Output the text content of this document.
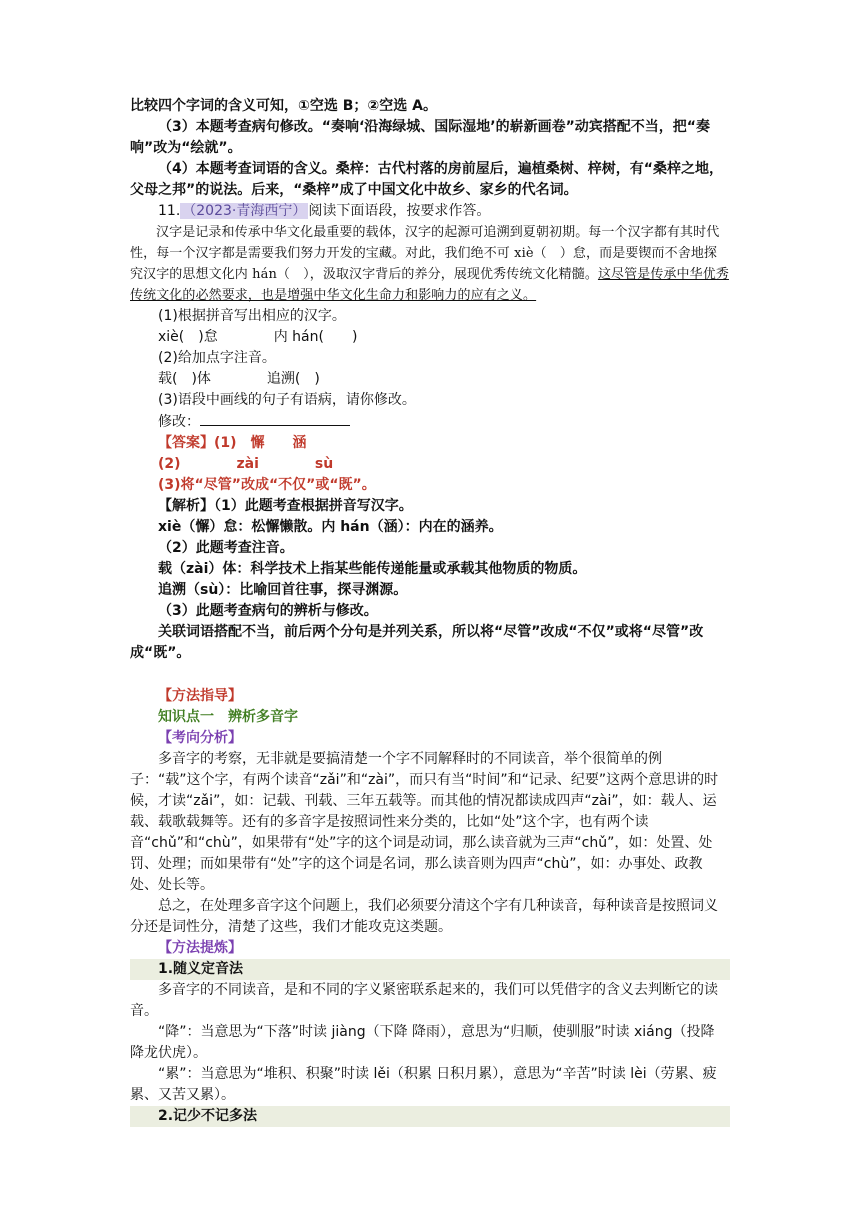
比较四个字词的含义可知，①空选 B；②空选 A。

（3）本题考查病句修改。“奏响‘沿海绿城、国际湿地’的崭新画卷”动宾搭配不当，把“奏响”改为“绘就”。

（4）本题考查词语的含义。桑梓：古代村落的房前屋后，遍植桑树、梓树，有“桑梓之地，父母之邦”的说法。后来，“桑梓”成了中国文化中故乡、家乡的代名词。

11. （2023·青海西宁） 阅读下面语段，按要求作答。

汉字是记录和传承中华文化最重要的载体，汉字的起源可追溯到夏朝初期。每一个汉字都有其时代性，每一个汉字都是需要我们努力开发的宝藏。对此，我们绝不可 xiè（　）怠，而是要锲而不舍地探究汉字的思想文化内 hán（　），汲取汉字背后的养分，展现优秀传统文化精髓。这尽管是传承中华优秀传统文化的必然要求，也是增强中华文化生命力和影响力的应有之义。

(1)根据拼音写出相应的汉字。

xiè(　)怠　　　　内 hán(　　)

(2)给加点字注音。

载(　)体　　　　追溯(　)

(3)语段中画线的句子有语病，请你修改。

修改：

【答案】(1)　懈　　涵

(2)　　　　zài　　　　sù

(3)将“尽管”改成“不仅”或“既”。

【解析】（1）此题考查根据拼音写汉字。

xiè（懈）怠：松懈懒散。内 hán（涵）：内在的涵养。

（2）此题考查注音。

载（zài）体：科学技术上指某些能传递能量或承载其他物质的物质。

追溯（sù）：比喻回首往事，探寻渊源。

（3）此题考查病句的辨析与修改。

关联词语搭配不当，前后两个分句是并列关系，所以将“尽管”改成“不仅”或将“尽管”改成“既”。

【方法指导】

知识点一　辨析多音字

【考向分析】

多音字的考察，无非就是要搞清楚一个字不同解释时的不同读音，举个很简单的例子：“载”这个字，有两个读音“zǎi”和“zài”，而只有当“时间”和“记录、纪要”这两个意思讲的时候，才读“zǎi”，如：记载、刊载、三年五载等。而其他的情况都读成四声“zài”，如：载人、运载、载歌载舞等。还有的多音字是按照词性来分类的，比如“处”这个字，也有两个读音“chǔ”和“chù”，如果带有“处”字的这个词是动词，那么读音就为三声“chǔ”，如：处置、处罚、处理；而如果带有“处”字的这个词是名词，那么读音则为四声“chù”，如：办事处、政教处、处长等。

总之，在处理多音字这个问题上，我们必须要分清这个字有几种读音，每种读音是按照词义分还是词性分，清楚了这些，我们才能攻克这类题。

【方法提炼】

1.随义定音法

多音字的不同读音，是和不同的字义紧密联系起来的，我们可以凭借字的含义去判断它的读音。

“降”：当意思为“下落”时读 jiàng（下降 降雨），意思为“归顺，使驯服”时读 xiáng（投降 降龙伏虎）。

“累”：当意思为“堆积、积聚”时读 lěi（积累 日积月累），意思为“辛苦”时读 lèi（劳累、疲累、又苦又累）。

2.记少不记多法
